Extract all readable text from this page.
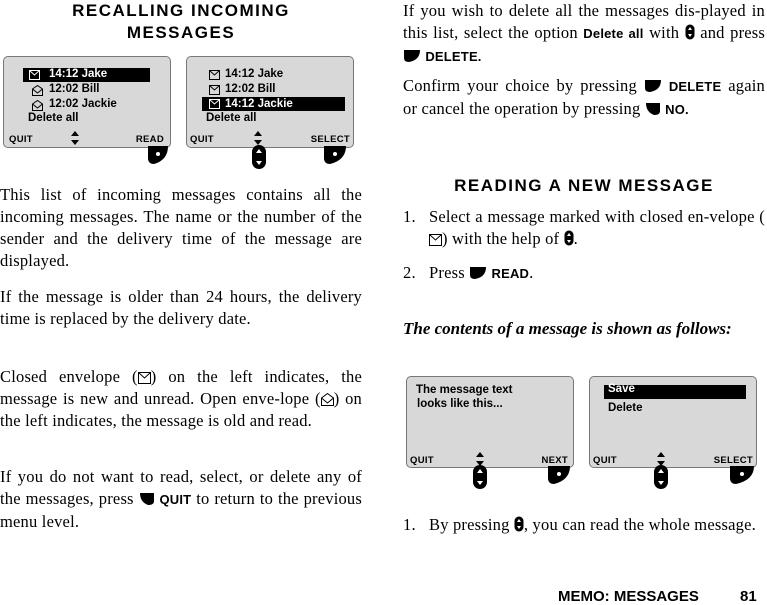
RECALLING INCOMING
MESSAGES
14:12 Jake
12:02 Bill
12:02 Jackie
Delete all
QUIT	READ
14:12 Jake
12:02 Bill
14:12 Jackie
Delete all
QUIT	SELECT
This list of incoming messages contains all the incoming messages. The name or the number of the sender and the delivery time of the message are displayed.
If the message is older than 24 hours, the delivery time is replaced by the delivery date.
Closed envelope ( ) on the left indicates, the message is new and unread. Open enve-lope ( ) on the left indicates, the message is old and read.
If you do not want to read, select, or delete any of the messages, press QUIT to return to the previous menu level.
If you wish to delete all the messages dis-played in this list, select the option Delete all with and press  DELETE.
Confirm your choice by pressing DELETE again or cancel the operation by pressing NO.
READING A NEW MESSAGE
1. Select a message marked with closed en-velope () with the help of .
2. Press READ.
The contents of a message is shown as follows:
The message text
looks like this...
QUIT	NEXT
Save
Delete
QUIT	SELECT
1. By pressing , you can read the whole message.
MEMO: MESSAGES	81
